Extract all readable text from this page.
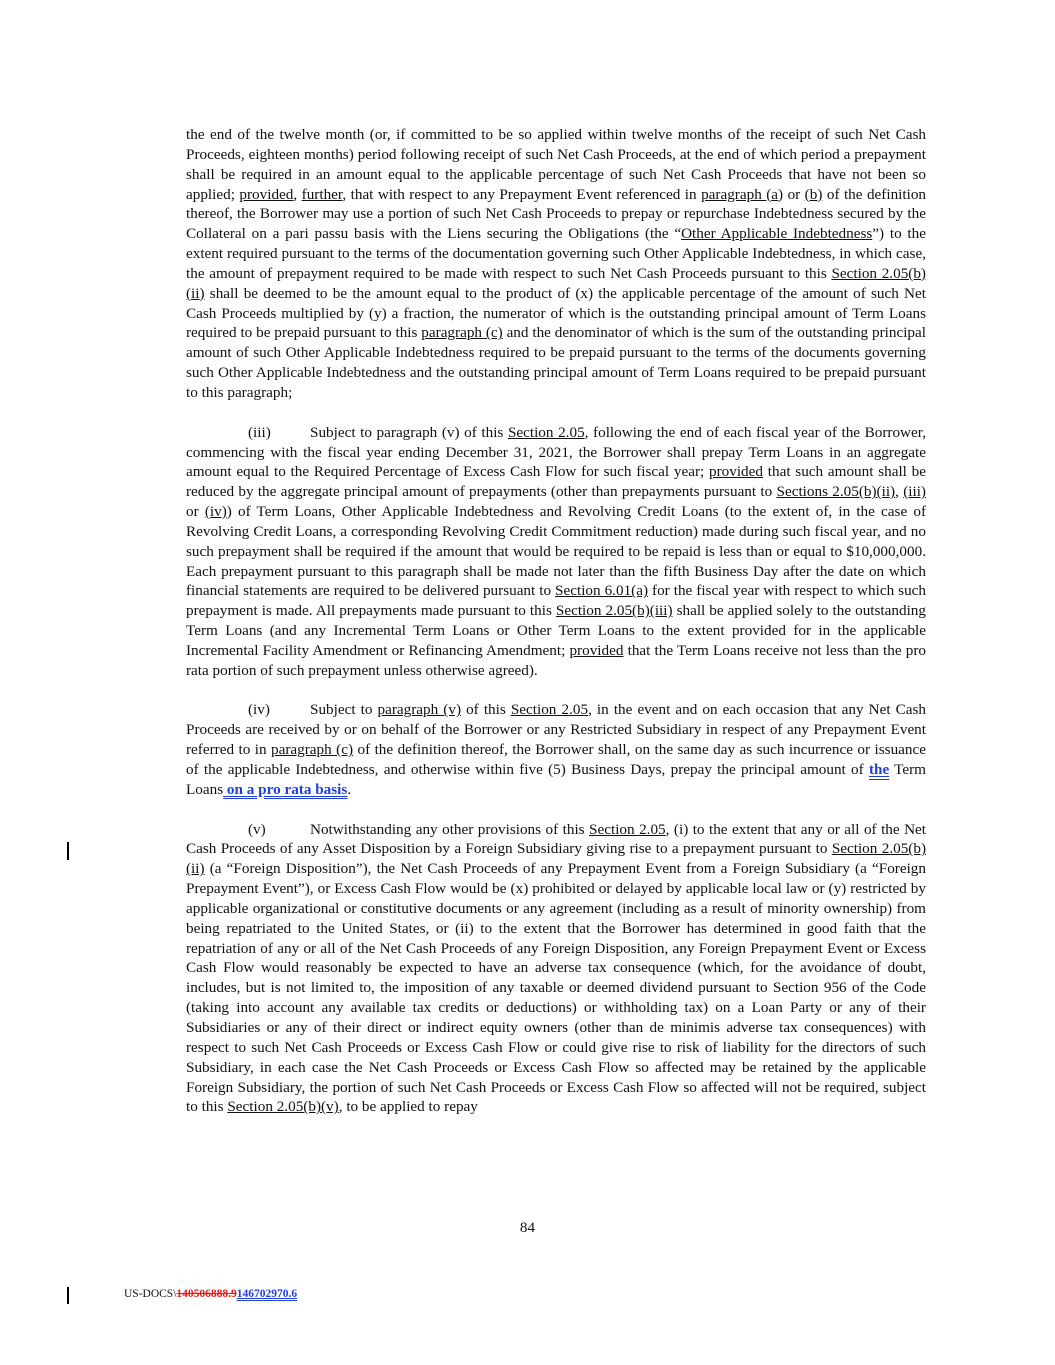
the end of the twelve month (or, if committed to be so applied within twelve months of the receipt of such Net Cash Proceeds, eighteen months) period following receipt of such Net Cash Proceeds, at the end of which period a prepayment shall be required in an amount equal to the applicable percentage of such Net Cash Proceeds that have not been so applied; provided, further, that with respect to any Prepayment Event referenced in paragraph (a) or (b) of the definition thereof, the Borrower may use a portion of such Net Cash Proceeds to prepay or repurchase Indebtedness secured by the Collateral on a pari passu basis with the Liens securing the Obligations (the “Other Applicable Indebtedness”) to the extent required pursuant to the terms of the documentation governing such Other Applicable Indebtedness, in which case, the amount of prepayment required to be made with respect to such Net Cash Proceeds pursuant to this Section 2.05(b)(ii) shall be deemed to be the amount equal to the product of (x) the applicable percentage of the amount of such Net Cash Proceeds multiplied by (y) a fraction, the numerator of which is the outstanding principal amount of Term Loans required to be prepaid pursuant to this paragraph (c) and the denominator of which is the sum of the outstanding principal amount of such Other Applicable Indebtedness required to be prepaid pursuant to the terms of the documents governing such Other Applicable Indebtedness and the outstanding principal amount of Term Loans required to be prepaid pursuant to this paragraph;

(iii)	Subject to paragraph (v) of this Section 2.05, following the end of each fiscal year of the Borrower, commencing with the fiscal year ending December 31, 2021, the Borrower shall prepay Term Loans in an aggregate amount equal to the Required Percentage of Excess Cash Flow for such fiscal year; provided that such amount shall be reduced by the aggregate principal amount of prepayments (other than prepayments pursuant to Sections 2.05(b)(ii), (iii) or (iv)) of Term Loans, Other Applicable Indebtedness and Revolving Credit Loans (to the extent of, in the case of Revolving Credit Loans, a corresponding Revolving Credit Commitment reduction) made during such fiscal year, and no such prepayment shall be required if the amount that would be required to be repaid is less than or equal to $10,000,000. Each prepayment pursuant to this paragraph shall be made not later than the fifth Business Day after the date on which financial statements are required to be delivered pursuant to Section 6.01(a) for the fiscal year with respect to which such prepayment is made. All prepayments made pursuant to this Section 2.05(b)(iii) shall be applied solely to the outstanding Term Loans (and any Incremental Term Loans or Other Term Loans to the extent provided for in the applicable Incremental Facility Amendment or Refinancing Amendment; provided that the Term Loans receive not less than the pro rata portion of such prepayment unless otherwise agreed).

(iv)	Subject to paragraph (v) of this Section 2.05, in the event and on each occasion that any Net Cash Proceeds are received by or on behalf of the Borrower or any Restricted Subsidiary in respect of any Prepayment Event referred to in paragraph (c) of the definition thereof, the Borrower shall, on the same day as such incurrence or issuance of the applicable Indebtedness, and otherwise within five (5) Business Days, prepay the principal amount of the Term Loans on a pro rata basis.

(v)	Notwithstanding any other provisions of this Section 2.05, (i) to the extent that any or all of the Net Cash Proceeds of any Asset Disposition by a Foreign Subsidiary giving rise to a prepayment pursuant to Section 2.05(b)(ii) (a “Foreign Disposition”), the Net Cash Proceeds of any Prepayment Event from a Foreign Subsidiary (a “Foreign Prepayment Event”), or Excess Cash Flow would be (x) prohibited or delayed by applicable local law or (y) restricted by applicable organizational or constitutive documents or any agreement (including as a result of minority ownership) from being repatriated to the United States, or (ii) to the extent that the Borrower has determined in good faith that the repatriation of any or all of the Net Cash Proceeds of any Foreign Disposition, any Foreign Prepayment Event or Excess Cash Flow would reasonably be expected to have an adverse tax consequence (which, for the avoidance of doubt, includes, but is not limited to, the imposition of any taxable or deemed dividend pursuant to Section 956 of the Code (taking into account any available tax credits or deductions) or withholding tax) on a Loan Party or any of their Subsidiaries or any of their direct or indirect equity owners (other than de minimis adverse tax consequences) with respect to such Net Cash Proceeds or Excess Cash Flow or could give rise to risk of liability for the directors of such Subsidiary, in each case the Net Cash Proceeds or Excess Cash Flow so affected may be retained by the applicable Foreign Subsidiary, the portion of such Net Cash Proceeds or Excess Cash Flow so affected will not be required, subject to this Section 2.05(b)(v), to be applied to repay

84
US-DOCS\140506888.9146702970.6
